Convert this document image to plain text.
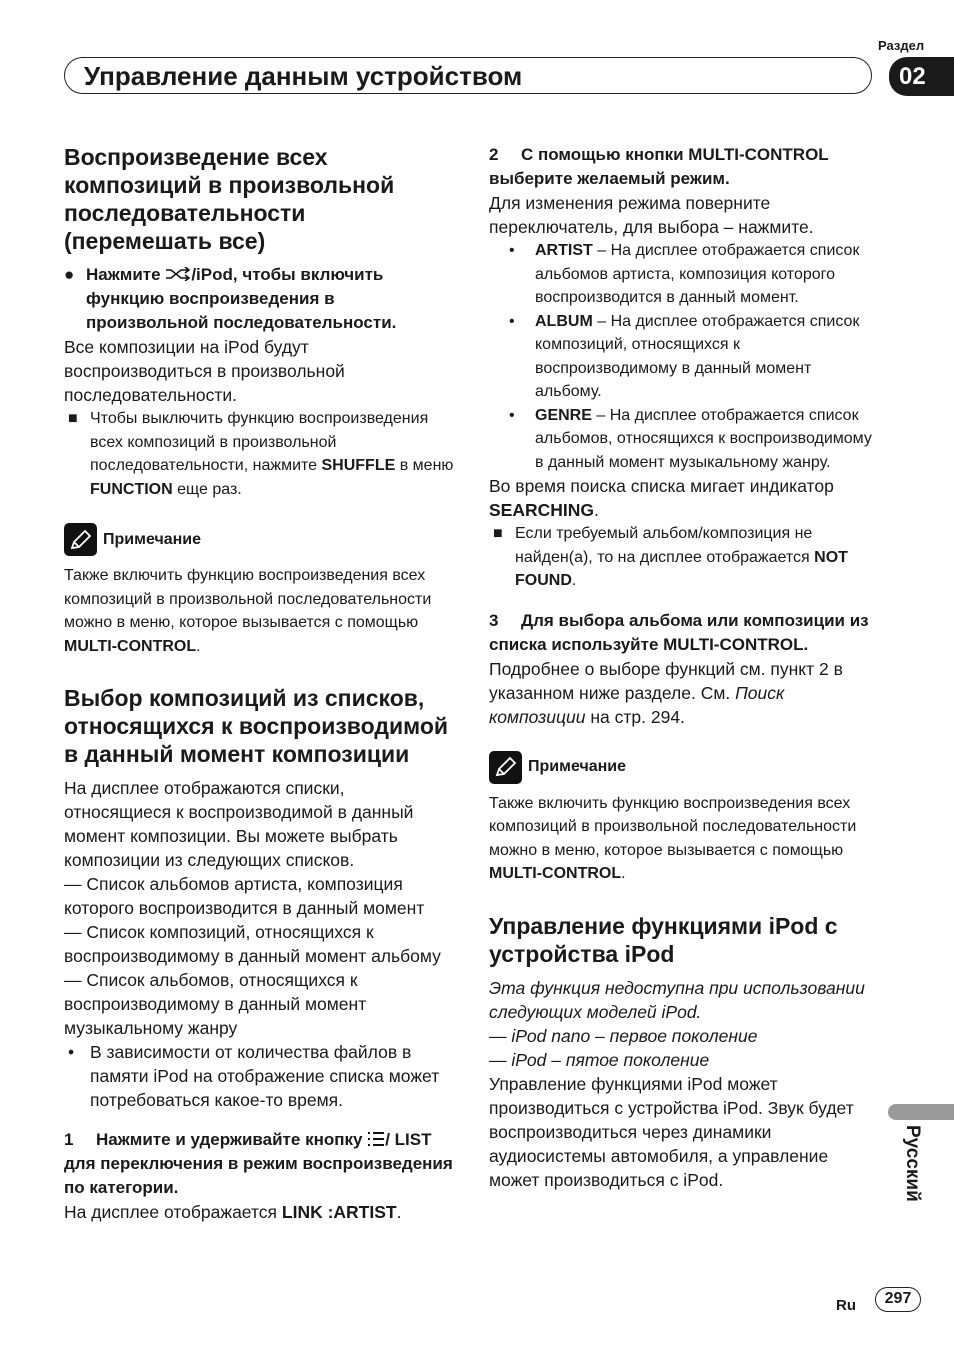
Раздел
Управление данным устройством	02
Воспроизведение всех композиций в произвольной последовательности (перемешать все)
● Нажмите /iPod, чтобы включить функцию воспроизведения в произвольной последовательности.

Все композиции на iPod будут воспроизводиться в произвольной последовательности.

■ Чтобы выключить функцию воспроизведения всех композиций в произвольной последовательности, нажмите SHUFFLE в меню FUNCTION еще раз.
Примечание

Также включить функцию воспроизведения всех композиций в произвольной последовательности можно в меню, которое вызывается с помощью MULTI-CONTROL.

Выбор композиций из списков, относящихся к воспроизводимой в данный момент композиции

На дисплее отображаются списки, относящиеся к воспроизводимой в данный момент композиции. Вы можете выбрать композиции из следующих списков.

— Список альбомов артиста, композиция которого воспроизводится в данный момент

— Список композиций, относящихся к воспроизводимому в данный момент альбому

— Список альбомов, относящихся к воспроизводимому в данный момент музыкальному жанру

• В зависимости от количества файлов в памяти iPod на отображение списка может потребоваться какое-то время.
1 Нажмите и удерживайте кнопку / LIST для переключения в режим воспроизведения по категории.

На дисплее отображается LINK :ARTIST.

2 С помощью кнопки MULTI-CONTROL выберите желаемый режим.

Для изменения режима поверните переключатель, для выбора – нажмите.

• ARTIST – На дисплее отображается список альбомов артиста, композиция которого воспроизводится в данный момент.
• ALBUM – На дисплее отображается список композиций, относящихся к воспроизводимому в данный момент альбому.
• GENRE – На дисплее отображается список альбомов, относящихся к воспроизводимому в данный момент музыкальному жанру.

Во время поиска списка мигает индикатор SEARCHING.

■ Если требуемый альбом/композиция не найден(а), то на дисплее отображается NOT FOUND.
3 Для выбора альбома или композиции из списка используйте MULTI-CONTROL.

Подробнее о выборе функций см. пункт 2 в указанном ниже разделе. См. Поиск композиции на стр. 294.

Примечание

Также включить функцию воспроизведения всех композиций в произвольной последовательности можно в меню, которое вызывается с помощью MULTI-CONTROL.

Управление функциями iPod с устройства iPod

Эта функция недоступна при использовании следующих моделей iPod.

— iPod nano – первое поколение

— iPod – пятое поколение

Управление функциями iPod может производиться с устройства iPod. Звук будет воспроизводиться через динамики аудиосистемы автомобиля, а управление может производиться с iPod.	Русский
Ru	297
